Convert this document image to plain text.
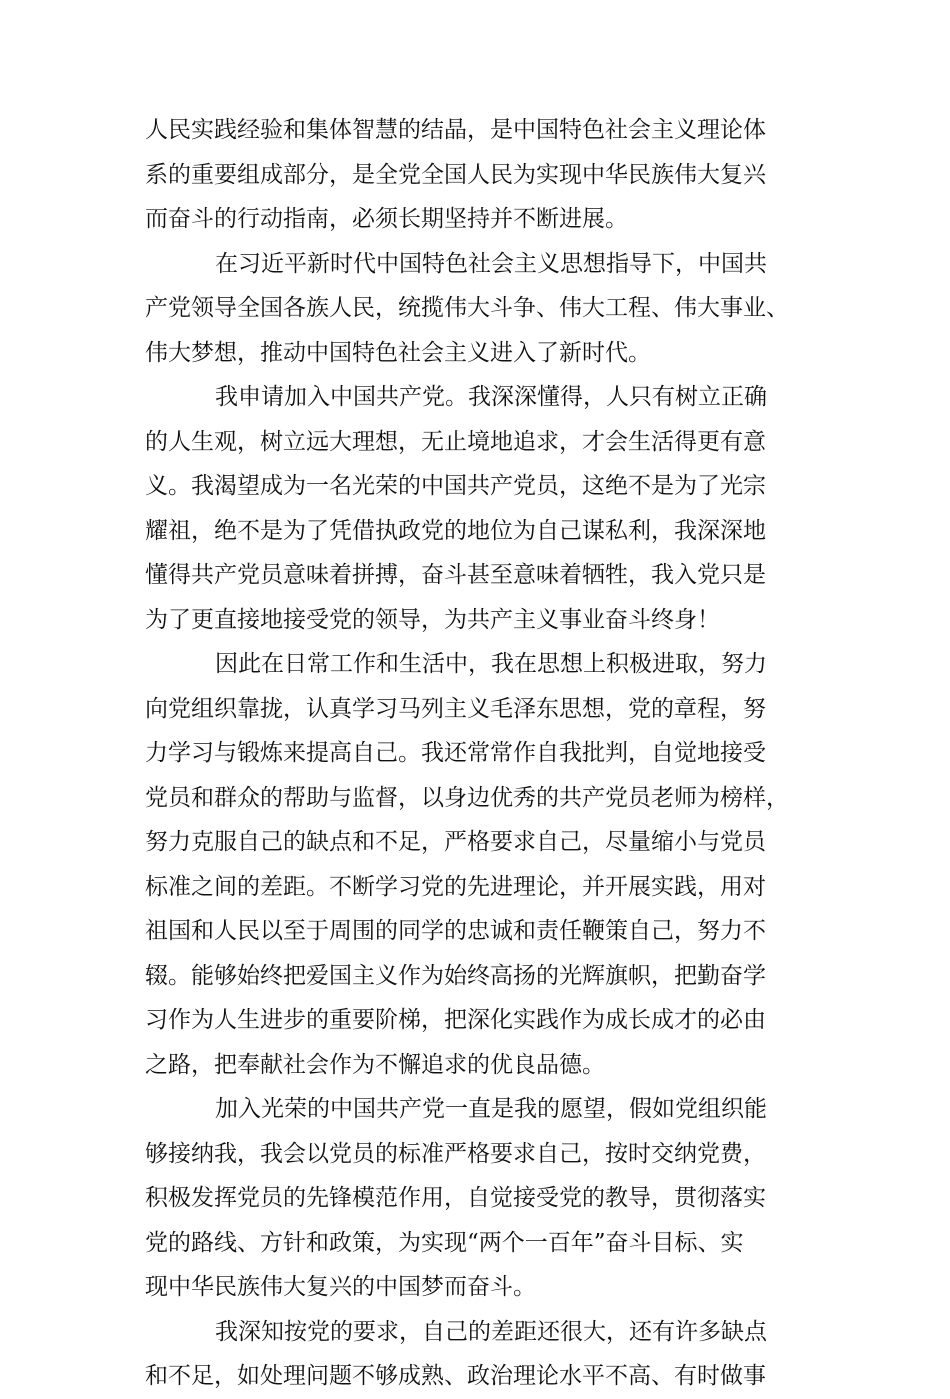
人民实践经验和集体智慧的结晶，是中国特色社会主义理论体
系的重要组成部分，是全党全国人民为实现中华民族伟大复兴
而奋斗的行动指南，必须长期坚持并不断进展。
在习近平新时代中国特色社会主义思想指导下，中国共
产党领导全国各族人民，统揽伟大斗争、伟大工程、伟大事业、
伟大梦想，推动中国特色社会主义进入了新时代。
我申请加入中国共产党。我深深懂得，人只有树立正确
的人生观，树立远大理想，无止境地追求，才会生活得更有意
义。我渴望成为一名光荣的中国共产党员，这绝不是为了光宗
耀祖，绝不是为了凭借执政党的地位为自己谋私利，我深深地
懂得共产党员意味着拼搏，奋斗甚至意味着牺牲，我入党只是
为了更直接地接受党的领导，为共产主义事业奋斗终身！
因此在日常工作和生活中，我在思想上积极进取，努力
向党组织靠拢，认真学习马列主义毛泽东思想，党的章程，努
力学习与锻炼来提高自己。我还常常作自我批判，自觉地接受
党员和群众的帮助与监督，以身边优秀的共产党员老师为榜样，
努力克服自己的缺点和不足，严格要求自己，尽量缩小与党员
标准之间的差距。不断学习党的先进理论，并开展实践，用对
祖国和人民以至于周围的同学的忠诚和责任鞭策自己，努力不
辍。能够始终把爱国主义作为始终高扬的光辉旗帜，把勤奋学
习作为人生进步的重要阶梯，把深化实践作为成长成才的必由
之路，把奉献社会作为不懈追求的优良品德。
加入光荣的中国共产党一直是我的愿望，假如党组织能
够接纳我，我会以党员的标准严格要求自己，按时交纳党费，
积极发挥党员的先锋模范作用，自觉接受党的教导，贯彻落实
党的路线、方针和政策，为实现“两个一百年”奋斗目标、实
现中华民族伟大复兴的中国梦而奋斗。
我深知按党的要求，自己的差距还很大，还有许多缺点
和不足，如处理问题不够成熟、政治理论水平不高、有时做事
